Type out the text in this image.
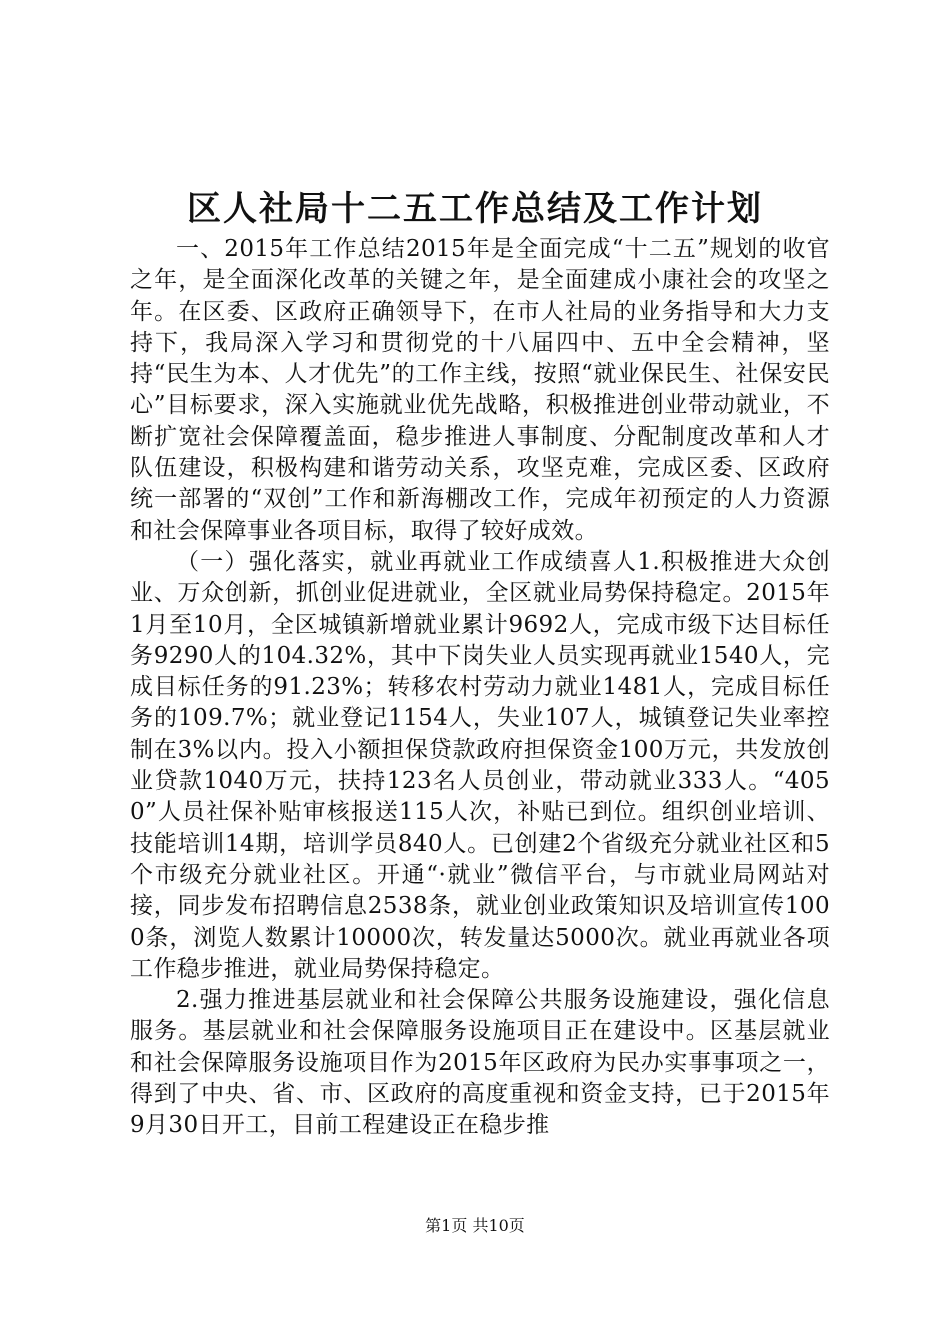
区人社局十二五工作总结及工作计划

一、2015年工作总结2015年是全面完成“十二五”规划的收官之年，是全面深化改革的关键之年，是全面建成小康社会的攻坚之年。在区委、区政府正确领导下，在市人社局的业务指导和大力支持下，我局深入学习和贯彻党的十八届四中、五中全会精神，坚持“民生为本、人才优先”的工作主线，按照“就业保民生、社保安民心”目标要求，深入实施就业优先战略，积极推进创业带动就业，不断扩宽社会保障覆盖面，稳步推进人事制度、分配制度改革和人才队伍建设，积极构建和谐劳动关系，攻坚克难，完成区委、区政府统一部署的“双创”工作和新海棚改工作，完成年初预定的人力资源和社会保障事业各项目标，取得了较好成效。

（一）强化落实，就业再就业工作成绩喜人1.积极推进大众创业、万众创新，抓创业促进就业，全区就业局势保持稳定。2015年1月至10月，全区城镇新增就业累计9692人，完成市级下达目标任务9290人的104.32%，其中下岗失业人员实现再就业1540人，完成目标任务的91.23%；转移农村劳动力就业1481人，完成目标任务的109.7%；就业登记1154人，失业107人，城镇登记失业率控制在3%以内。投入小额担保贷款政府担保资金100万元，共发放创业贷款1040万元，扶持123名人员创业，带动就业333人。“4050”人员社保补贴审核报送115人次，补贴已到位。组织创业培训、技能培训14期，培训学员840人。已创建2个省级充分就业社区和5个市级充分就业社区。开通“·就业”微信平台，与市就业局网站对接，同步发布招聘信息2538条，就业创业政策知识及培训宣传1000条，浏览人数累计10000次，转发量达5000次。就业再就业各项工作稳步推进，就业局势保持稳定。

2.强力推进基层就业和社会保障公共服务设施建设，强化信息服务。基层就业和社会保障服务设施项目正在建设中。区基层就业和社会保障服务设施项目作为2015年区政府为民办实事事项之一，得到了中央、省、市、区政府的高度重视和资金支持，已于2015年9月30日开工，目前工程建设正在稳步推

第1页 共10页
